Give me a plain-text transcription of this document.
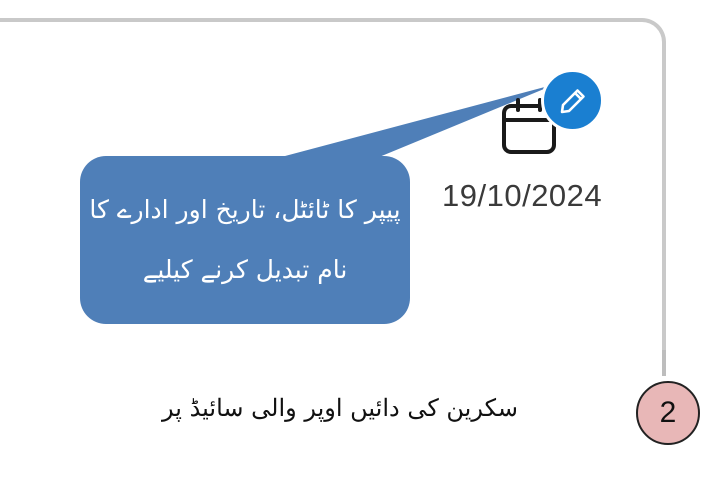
19/10/2024
پیپر کا ٹائٹل، تاریخ اور ادارے کا
نام تبدیل کرنے کیلیے
سکرین کی دائیں اوپر والی سائیڈ پر	2
